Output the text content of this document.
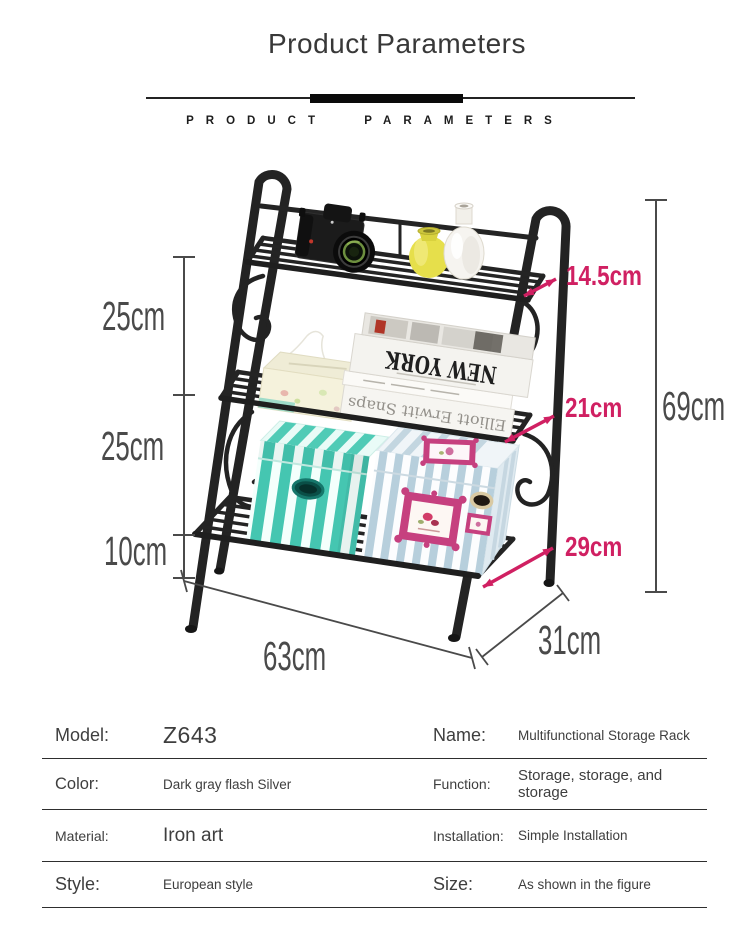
Product Parameters
PRODUCT PARAMETERS
NEW YORK
Elliott Erwitt Snaps
25cm
25cm
10cm
69cm
63cm	31cm
14.5cm
21cm
29cm
Model:	Z643	Name:	Multifunctional Storage Rack
Color:	Dark gray flash Silver	Function:	Storage, storage, and storage
Material:	Iron art	Installation:	Simple Installation
Style:	European style	Size:	As shown in the figure
